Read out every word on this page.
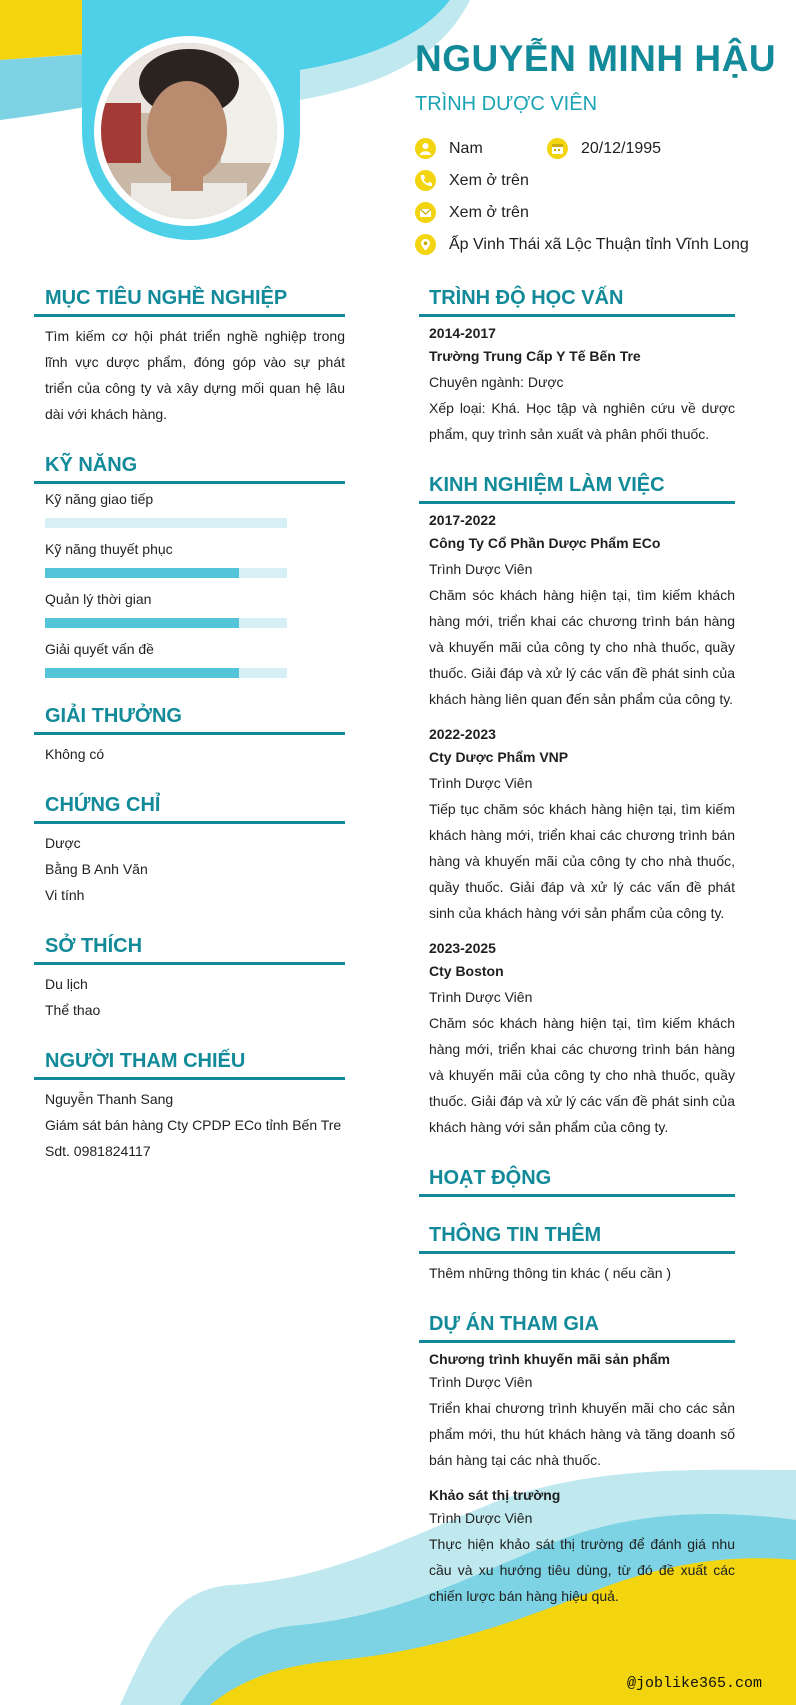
NGUYỄN MINH HẬU
TRÌNH DƯỢC VIÊN
Nam	20/12/1995
Xem ở trên
Xem ở trên
Ấp Vinh Thái xã Lộc Thuận tỉnh Vĩnh Long
MỤC TIÊU NGHỀ NGHIỆP
Tìm kiếm cơ hội phát triển nghề nghiệp trong lĩnh vực dược phẩm, đóng góp vào sự phát triển của công ty và xây dựng mối quan hệ lâu dài với khách hàng.
KỸ NĂNG
Kỹ năng giao tiếp
Kỹ năng thuyết phục
Quản lý thời gian
Giải quyết vấn đề
GIẢI THƯỞNG
Không có
CHỨNG CHỈ
Dược
Bằng B Anh Văn
Vi tính
SỞ THÍCH
Du lịch
Thể thao
NGƯỜI THAM CHIẾU
Nguyễn Thanh Sang
Giám sát bán hàng Cty CPDP ECo tỉnh Bến Tre
Sdt. 0981824117
TRÌNH ĐỘ HỌC VẤN
2014-2017
Trường Trung Cấp Y Tế Bến Tre
Chuyên ngành: Dược
Xếp loại: Khá. Học tập và nghiên cứu về dược phẩm, quy trình sản xuất và phân phối thuốc.
KINH NGHIỆM LÀM VIỆC
2017-2022
Công Ty Cổ Phần Dược Phẩm ECo
Trình Dược Viên
Chăm sóc khách hàng hiện tại, tìm kiếm khách hàng mới, triển khai các chương trình bán hàng và khuyến mãi của công ty cho nhà thuốc, quầy thuốc. Giải đáp và xử lý các vấn đề phát sinh của khách hàng liên quan đến sản phẩm của công ty.
2022-2023
Cty Dược Phẩm VNP
Trình Dược Viên
Tiếp tục chăm sóc khách hàng hiện tại, tìm kiếm khách hàng mới, triển khai các chương trình bán hàng và khuyến mãi của công ty cho nhà thuốc, quầy thuốc. Giải đáp và xử lý các vấn đề phát sinh của khách hàng với sản phẩm của công ty.
2023-2025
Cty Boston
Trình Dược Viên
Chăm sóc khách hàng hiện tại, tìm kiếm khách hàng mới, triển khai các chương trình bán hàng và khuyến mãi của công ty cho nhà thuốc, quầy thuốc. Giải đáp và xử lý các vấn đề phát sinh của khách hàng với sản phẩm của công ty.
HOẠT ĐỘNG
THÔNG TIN THÊM
Thêm những thông tin khác ( nếu cần )
DỰ ÁN THAM GIA
Chương trình khuyến mãi sản phẩm
Trình Dược Viên
Triển khai chương trình khuyến mãi cho các sản phẩm mới, thu hút khách hàng và tăng doanh số bán hàng tại các nhà thuốc.
Khảo sát thị trường
Trình Dược Viên
Thực hiện khảo sát thị trường để đánh giá nhu cầu và xu hướng tiêu dùng, từ đó đề xuất các chiến lược bán hàng hiệu quả.
@joblike365.com
